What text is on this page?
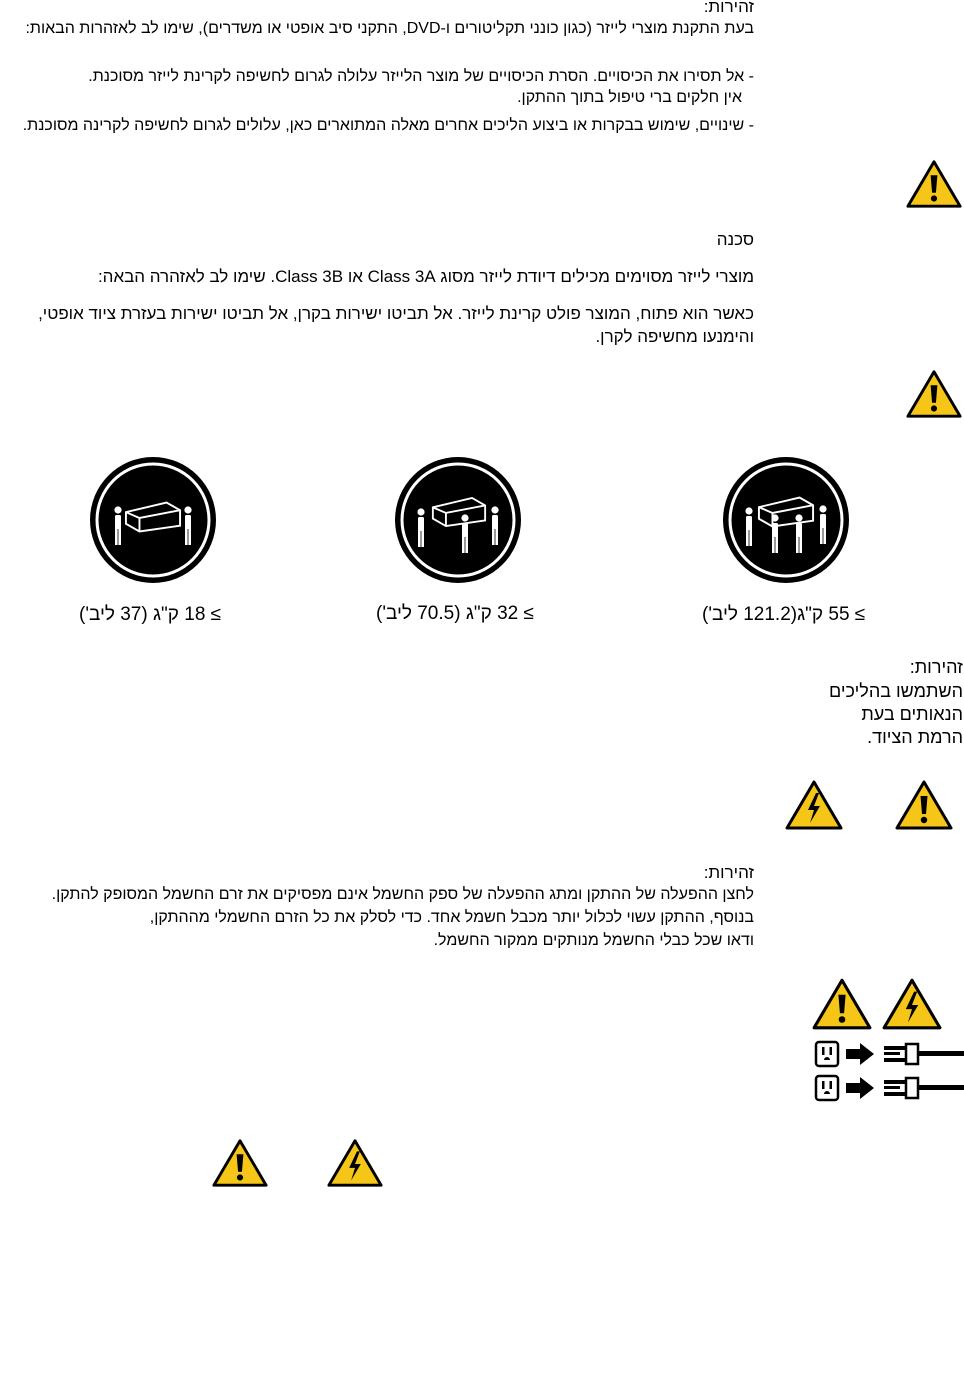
זהירות:
בעת התקנת מוצרי לייזר (כגון כונני תקליטורים ו-DVD, התקני סיב אופטי או משדרים), שימו לב לאזהרות הבאות:
- אל תסירו את הכיסויים. הסרת הכיסויים של מוצר הלייזר עלולה לגרום לחשיפה לקרינת לייזר מסוכנת.
אין חלקים ברי טיפול בתוך ההתקן.
- שינויים, שימוש בבקרות או ביצוע הליכים אחרים מאלה המתוארים כאן, עלולים לגרום לחשיפה לקרינה מסוכנת.
סכנה
מוצרי לייזר מסוימים מכילים דיודת לייזר מסוג Class 3A או Class 3B. שימו לב לאזהרה הבאה:
כאשר הוא פתוח, המוצר פולט קרינת לייזר. אל תביטו ישירות בקרן, אל תביטו ישירות בעזרת ציוד אופטי,
והימנעו מחשיפה לקרן.
≥ 18 ק"ג (37 ליב')	≥ 32 ק"ג (70.5 ליב')	≥ 55 ק"ג(121.2 ליב')
זהירות:
השתמשו בהליכים
הנאותים בעת
הרמת הציוד.
זהירות:
לחצן ההפעלה של ההתקן ומתג ההפעלה של ספק החשמל אינם מפסיקים את זרם החשמל המסופק להתקן.
בנוסף, ההתקן עשוי לכלול יותר מכבל חשמל אחד. כדי לסלק את כל הזרם החשמלי מההתקן,
ודאו שכל כבלי החשמל מנותקים ממקור החשמל.
